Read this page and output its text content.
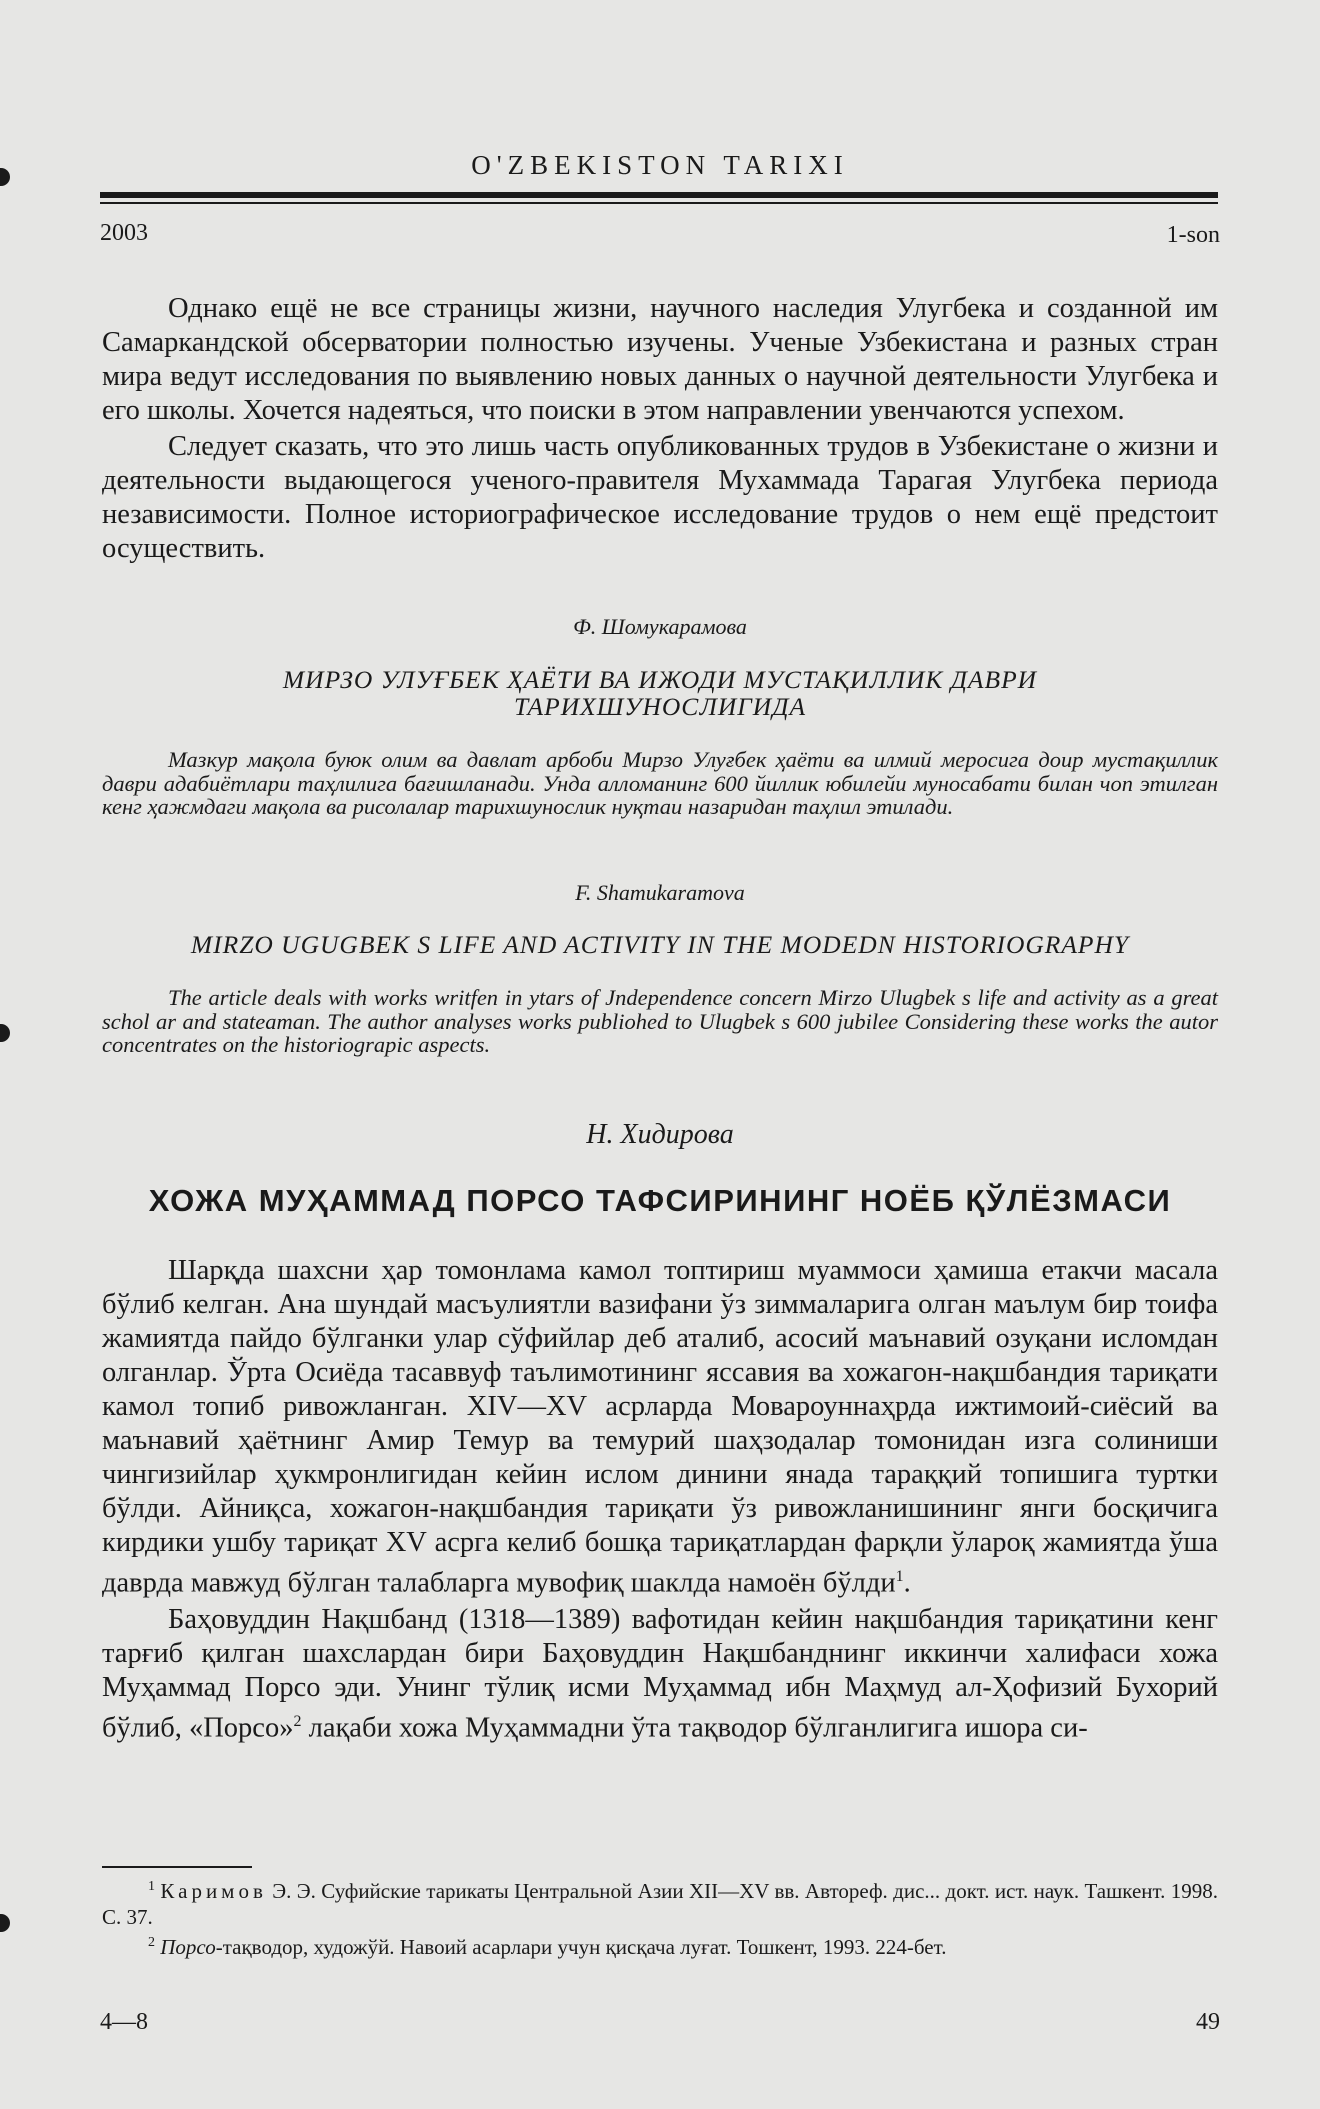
O'ZBEKISTON TARIXI
2003	1-son

Однако ещё не все страницы жизни, научного наследия Улугбека и созданной им Самаркандской обсерватории полностью изучены. Ученые Узбекистана и разных стран мира ведут исследования по выявлению новых данных о научной деятельности Улугбека и его школы. Хочется надеяться, что поиски в этом направлении увенчаются успехом.

Следует сказать, что это лишь часть опубликованных трудов в Узбекистане о жизни и деятельности выдающегося ученого-правителя Мухаммада Тарагая Улугбека периода независимости. Полное историографическое исследование трудов о нем ещё предстоит осуществить.

Ф. Шомукарамова
МИРЗО УЛУҒБЕК ҲАЁТИ ВА ИЖОДИ МУСТАҚИЛЛИК ДАВРИ ТАРИХШУНОСЛИГИДА
Мазкур мақола буюк олим ва давлат арбоби Мирзо Улуғбек ҳаёти ва илмий меросига доир мустақиллик даври адабиётлари таҳлилига бағишланади. Унда алломанинг 600 йиллик юбилейи муносабати билан чоп этилган кенг ҳажмдаги мақола ва рисолалар тарихшунослик нуқтаи назаридан таҳлил этилади.
F. Shamukaramova
MIRZO UGUGBEK S LIFE AND ACTIVITY IN THE MODEDN HISTORIOGRAPHY
The article deals with works writfen in ytars of Jndependence concern Mirzo Ulugbek s life and activity as a great schol ar and stateaman. The author analyses works publiohed to Ulugbek s 600 jubilee Considering these works the autor concentrates on the historiograpic aspects.
Н. Хидирова
ХОЖА МУҲАММАД ПОРСО ТАФСИРИНИНГ НОЁБ ҚЎЛЁЗМАСИ

Шарқда шахсни ҳар томонлама камол топтириш муаммоси ҳамиша етакчи масала бўлиб келган. Ана шундай масъулиятли вазифани ўз зиммаларига олган маълум бир тоифа жамиятда пайдо бўлганки улар сўфийлар деб аталиб, асосий маънавий озуқани исломдан олганлар. Ўрта Осиёда тасаввуф таълимотининг яссавия ва хожагон-нақшбандия тариқати камол топиб ривожланган. XIV—XV асрларда Мовароуннаҳрда ижтимоий-сиёсий ва маънавий ҳаётнинг Амир Темур ва темурий шаҳзодалар томонидан изга солиниши чингизийлар ҳукмронлигидан кейин ислом динини янада тараққий топишига туртки бўлди. Айниқса, хожагон-нақшбандия тариқати ўз ривожланишининг янги босқичига кирдики ушбу тариқат XV асрга келиб бошқа тариқатлардан фарқли ўлароқ жамиятда ўша даврда мавжуд бўлган талабларга мувофиқ шаклда намоён бўлди$^1$.

Баҳовуддин Нақшбанд (1318—1389) вафотидан кейин нақшбандия тариқатини кенг тарғиб қилган шахслардан бири Баҳовуддин Нақшбанднинг иккинчи халифаси хожа Муҳаммад Порсо эди. Унинг тўлиқ исми Муҳаммад ибн Маҳмуд ал-Ҳофизий Бухорий бўлиб, «Порсо»$^2$ лақаби хожа Муҳаммадни ўта тақводор бўлганлигига ишора си-

$^1$ Каримов Э. Э. Суфийские тарикаты Центральной Азии XII—XV вв. Автореф. дис... докт. ист. наук. Ташкент. 1998. С. 37.

$^2$ Порсо-тақводор, художўй. Навоий асарлари учун қисқача луғат. Тошкент, 1993. 224-бет.

4—8	49
